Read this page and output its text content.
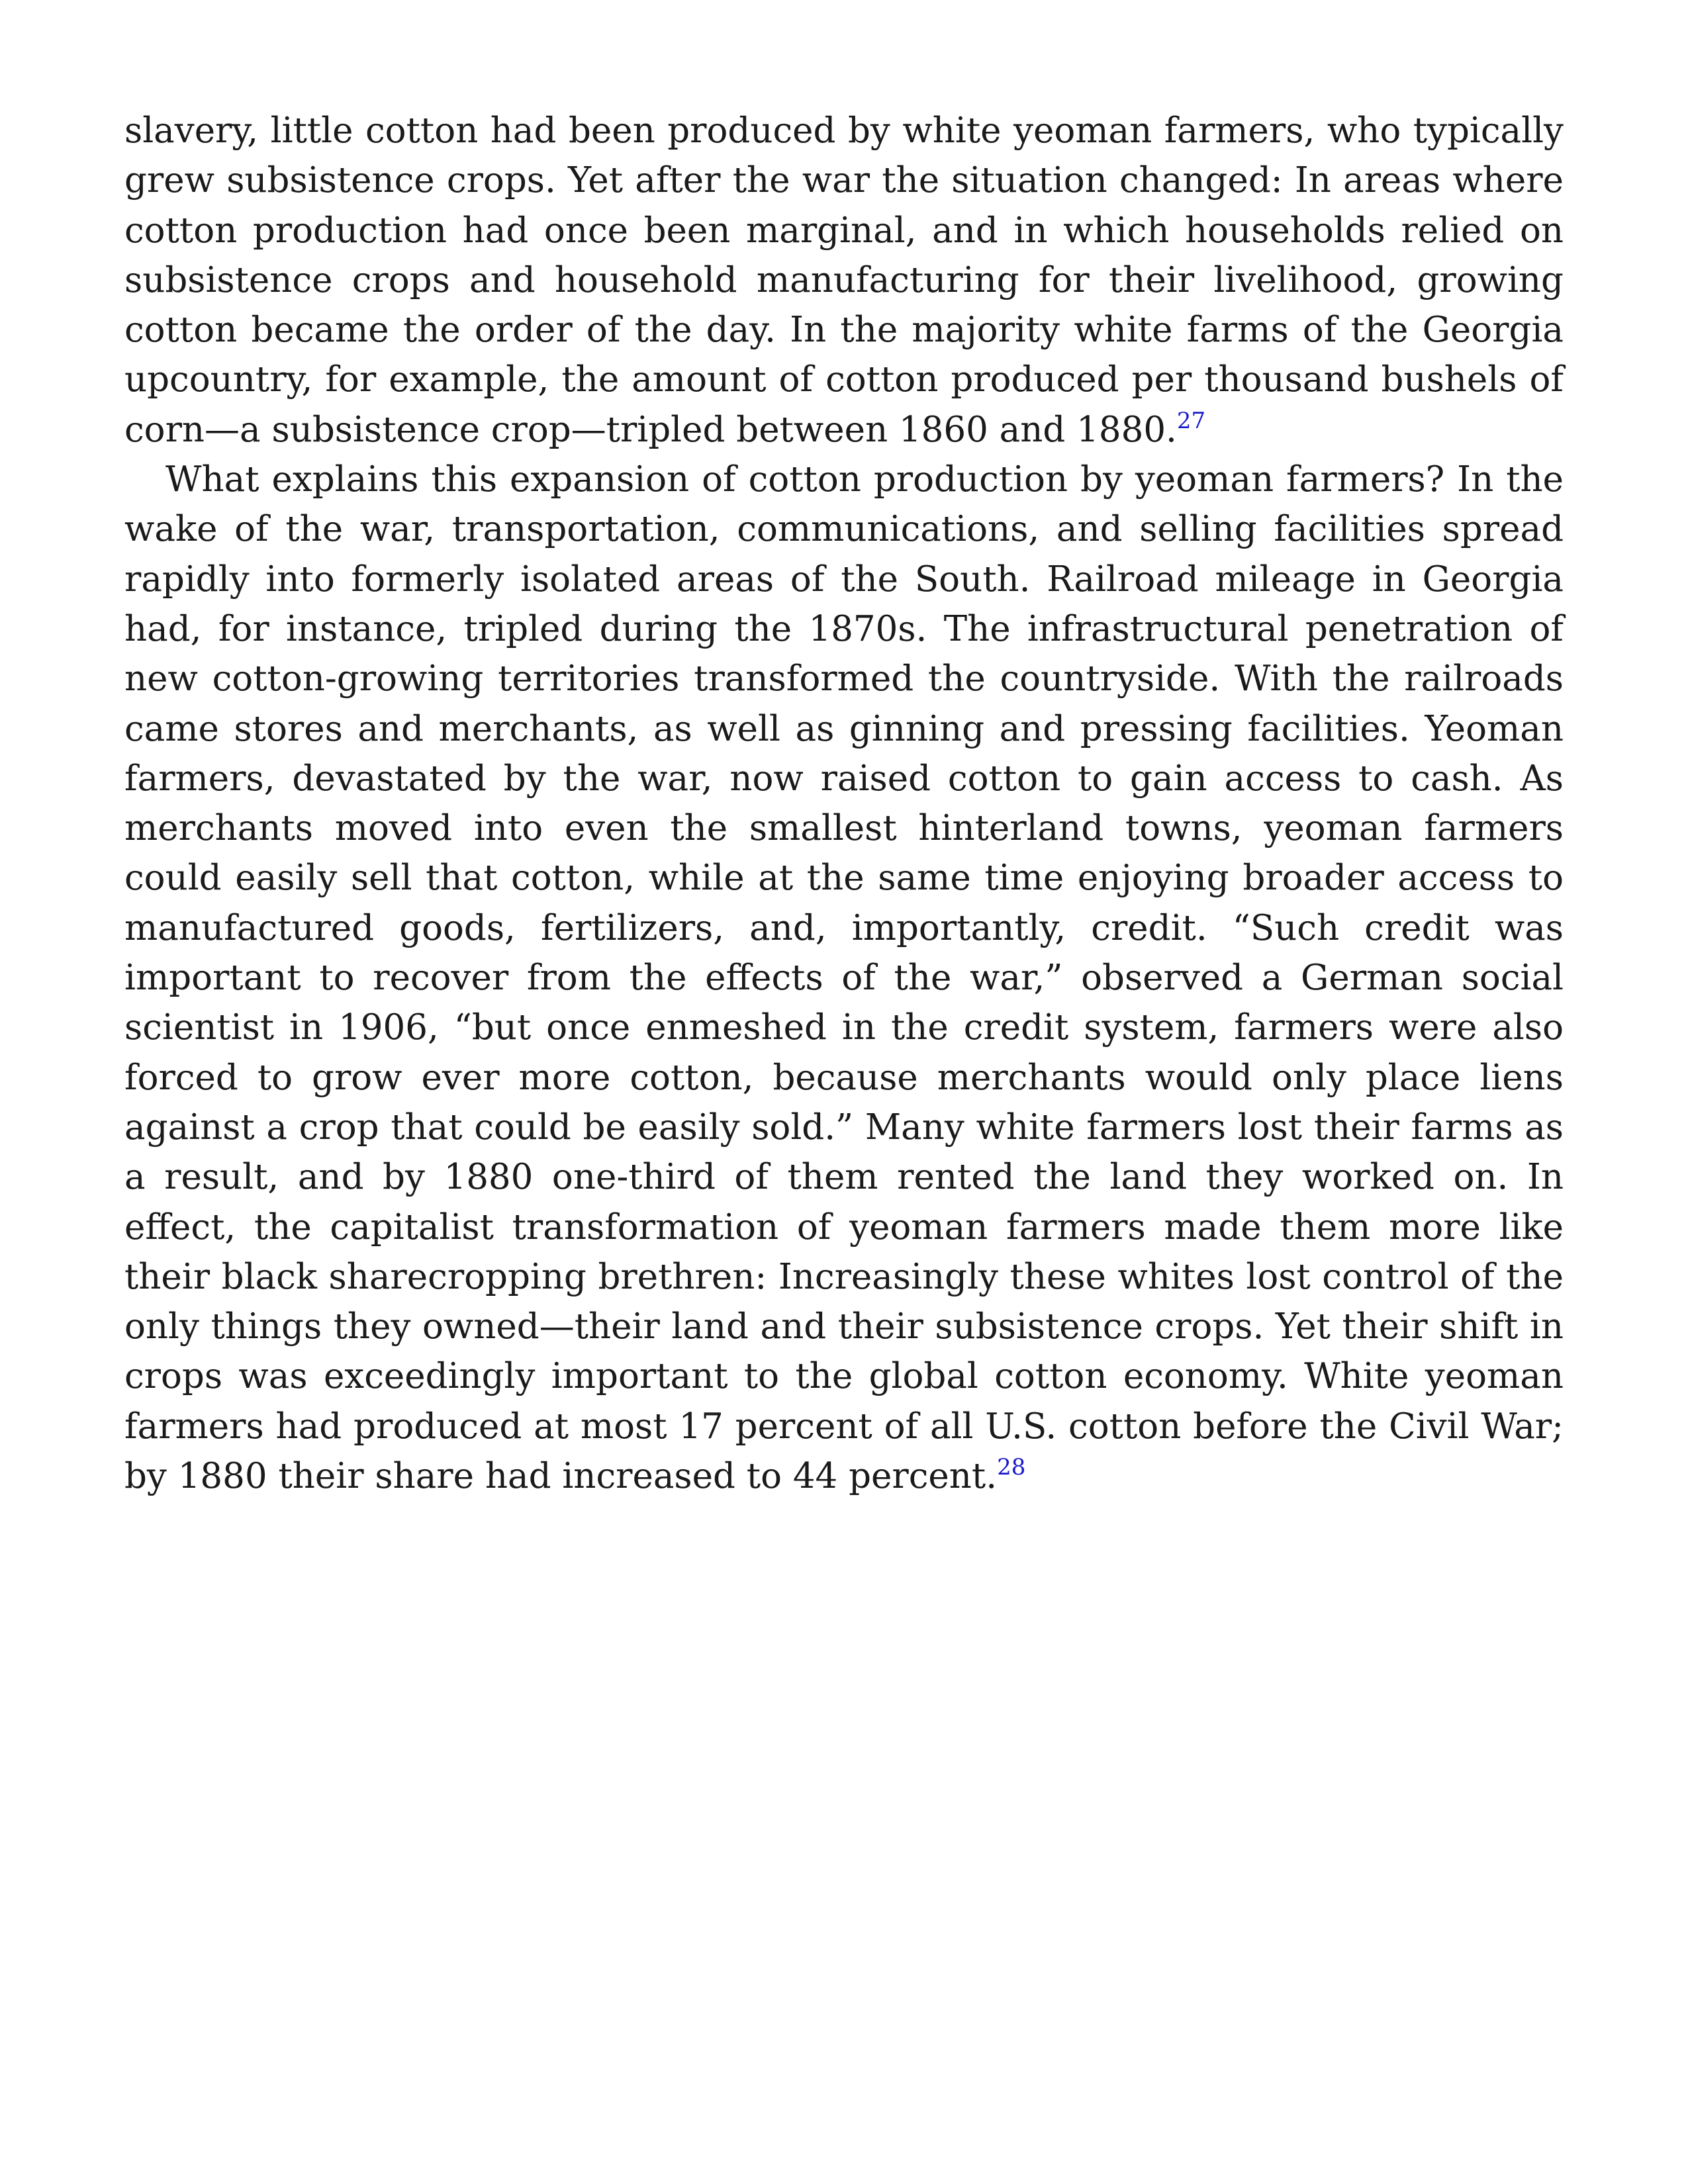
slavery, little cotton had been produced by white yeoman farmers, who typically grew subsistence crops. Yet after the war the situation changed: In areas where cotton production had once been marginal, and in which households relied on subsistence crops and household manufacturing for their livelihood, growing cotton became the order of the day. In the majority white farms of the Georgia upcountry, for example, the amount of cotton produced per thousand bushels of corn—a subsistence crop—tripled between 1860 and 1880.27

What explains this expansion of cotton production by yeoman farmers? In the wake of the war, transportation, communications, and selling facilities spread rapidly into formerly isolated areas of the South. Railroad mileage in Georgia had, for instance, tripled during the 1870s. The infrastructural penetration of new cotton-growing territories transformed the countryside. With the railroads came stores and merchants, as well as ginning and pressing facilities. Yeoman farmers, devastated by the war, now raised cotton to gain access to cash. As merchants moved into even the smallest hinterland towns, yeoman farmers could easily sell that cotton, while at the same time enjoying broader access to manufactured goods, fertilizers, and, importantly, credit. “Such credit was important to recover from the effects of the war,” observed a German social scientist in 1906, “but once enmeshed in the credit system, farmers were also forced to grow ever more cotton, because merchants would only place liens against a crop that could be easily sold.” Many white farmers lost their farms as a result, and by 1880 one-third of them rented the land they worked on. In effect, the capitalist transformation of yeoman farmers made them more like their black sharecropping brethren: Increasingly these whites lost control of the only things they owned—their land and their subsistence crops. Yet their shift in crops was exceedingly important to the global cotton economy. White yeoman farmers had produced at most 17 percent of all U.S. cotton before the Civil War; by 1880 their share had increased to 44 percent.$^{28}$
